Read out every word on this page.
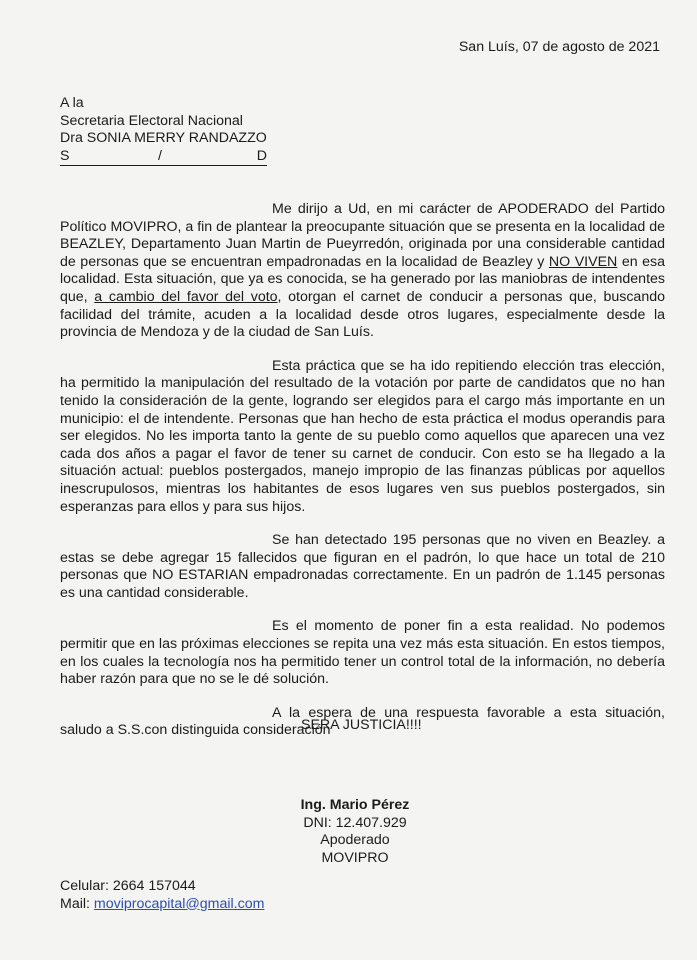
San Luís, 07 de agosto de 2021
A la
Secretaria Electoral Nacional
Dra SONIA MERRY RANDAZZO
S	/	D

Me dirijo a Ud, en mi carácter de APODERADO del Partido Político MOVIPRO, a fin de plantear la preocupante situación que se presenta en la localidad de BEAZLEY, Departamento Juan Martin de Pueyrredón, originada por una considerable cantidad de personas que se encuentran empadronadas en la localidad de Beazley y NO VIVEN en esa localidad. Esta situación, que ya es conocida, se ha generado por las maniobras de intendentes que, a cambio del favor del voto, otorgan el carnet de conducir a personas que, buscando facilidad del trámite, acuden a la localidad desde otros lugares, especialmente desde la provincia de Mendoza y de la ciudad de San Luís.

Esta práctica que se ha ido repitiendo elección tras elección, ha permitido la manipulación del resultado de la votación por parte de candidatos que no han tenido la consideración de la gente, logrando ser elegidos para el cargo más importante en un municipio: el de intendente. Personas que han hecho de esta práctica el modus operandis para ser elegidos. No les importa tanto la gente de su pueblo como aquellos que aparecen una vez cada dos años a pagar el favor de tener su carnet de conducir. Con esto se ha llegado a la situación actual: pueblos postergados, manejo impropio de las finanzas públicas por aquellos inescrupulosos, mientras los habitantes de esos lugares ven sus pueblos postergados, sin esperanzas para ellos y para sus hijos.

Se han detectado 195 personas que no viven en Beazley. a estas se debe agregar 15 fallecidos que figuran en el padrón, lo que hace un total de 210 personas que NO ESTARIAN empadronadas correctamente. En un padrón de 1.145 personas es una cantidad considerable.

Es el momento de poner fin a esta realidad. No podemos permitir que en las próximas elecciones se repita una vez más esta situación. En estos tiempos, en los cuales la tecnología nos ha permitido tener un control total de la información, no debería haber razón para que no se le dé solución.

A la espera de una respuesta favorable a esta situación, saludo a S.S.con distinguida consideración

SERA JUSTICIA!!!!
Ing. Mario Pérez
DNI: 12.407.929
Apoderado
MOVIPRO
Celular: 2664 157044
Mail: moviprocapital@gmail.com
